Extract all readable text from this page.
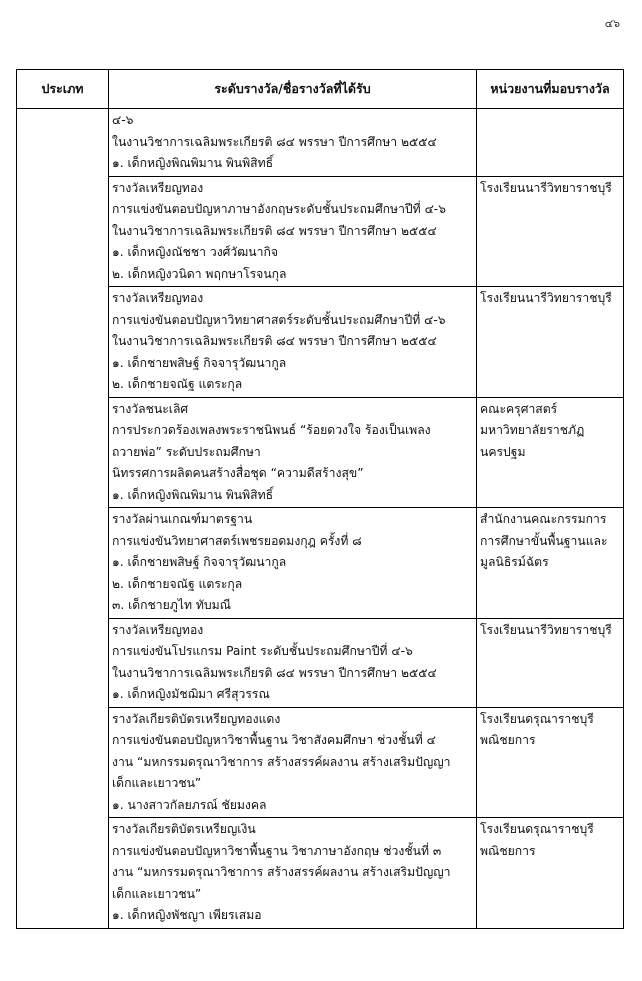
๔๖
ประเภท	ระดับรางวัล/ชื่อรางวัลที่ได้รับ	หน่วยงานที่มอบรางวัล

	๔-๖
ในงานวิชาการเฉลิมพระเกียรติ ๘๔ พรรษา ปีการศึกษา ๒๕๕๔
๑. เด็กหญิงพิณพิมาน พินพิสิทธิ์	

	รางวัลเหรียญทอง
การแข่งขันตอบปัญหาภาษาอังกฤษระดับชั้นประถมศึกษาปีที่ ๔-๖
ในงานวิชาการเฉลิมพระเกียรติ ๘๔ พรรษา ปีการศึกษา ๒๕๕๔
๑. เด็กหญิงณัชชา วงศ์วัฒนากิจ
๒. เด็กหญิงวนิดา พฤกษาโรจนกุล	โรงเรียนนารีวิทยาราชบุรี

	รางวัลเหรียญทอง
การแข่งขันตอบปัญหาวิทยาศาสตร์ระดับชั้นประถมศึกษาปีที่ ๔-๖
ในงานวิชาการเฉลิมพระเกียรติ ๘๔ พรรษา ปีการศึกษา ๒๕๕๔
๑. เด็กชายพสิษฐ์ กิจจารุวัฒนากูล
๒. เด็กชายจณัฐ แตระกุล	โรงเรียนนารีวิทยาราชบุรี

	รางวัลชนะเลิศ
การประกวดร้องเพลงพระราชนิพนธ์ “ร้อยดวงใจ ร้องเป็นเพลง
ถวายพ่อ” ระดับประถมศึกษา
นิทรรศการผลิตคนสร้างสื่อชุด “ความดีสร้างสุข”
๑. เด็กหญิงพิณพิมาน พินพิสิทธิ์	คณะครุศาสตร์
มหาวิทยาลัยราชภัฏ
นครปฐม

	รางวัลผ่านเกณฑ์มาตรฐาน
การแข่งขันวิทยาศาสตร์เพชรยอดมงกุฎ ครั้งที่ ๘
๑. เด็กชายพสิษฐ์ กิจจารุวัฒนากูล
๒. เด็กชายจณัฐ แตระกุล
๓. เด็กชายภูไท ทับมณี	สำนักงานคณะกรรมการ
การศึกษาขั้นพื้นฐานและ
มูลนิธิรม์ฉัตร

	รางวัลเหรียญทอง
การแข่งขันโปรแกรม Paint ระดับชั้นประถมศึกษาปีที่ ๔-๖
ในงานวิชาการเฉลิมพระเกียรติ ๘๔ พรรษา ปีการศึกษา ๒๕๕๔
๑. เด็กหญิงมัชฌิมา ศรีสุวรรณ	โรงเรียนนารีวิทยาราชบุรี

	รางวัลเกียรติบัตรเหรียญทองแดง
การแข่งขันตอบปัญหาวิชาพื้นฐาน วิชาสังคมศึกษา ช่วงชั้นที่ ๔
งาน “มหกรรมดรุณาวิชาการ สร้างสรรค์ผลงาน สร้างเสริมปัญญา
เด็กและเยาวชน”
๑. นางสาวกัลยภรณ์ ชัยมงคล	โรงเรียนดรุณาราชบุรี
พณิชยการ

	รางวัลเกียรติบัตรเหรียญเงิน
การแข่งขันตอบปัญหาวิชาพื้นฐาน วิชาภาษาอังกฤษ ช่วงชั้นที่ ๓
งาน “มหกรรมดรุณาวิชาการ สร้างสรรค์ผลงาน สร้างเสริมปัญญา
เด็กและเยาวชน”
๑. เด็กหญิงพัชญา เพียรเสมอ	โรงเรียนดรุณาราชบุรี
พณิชยการ
